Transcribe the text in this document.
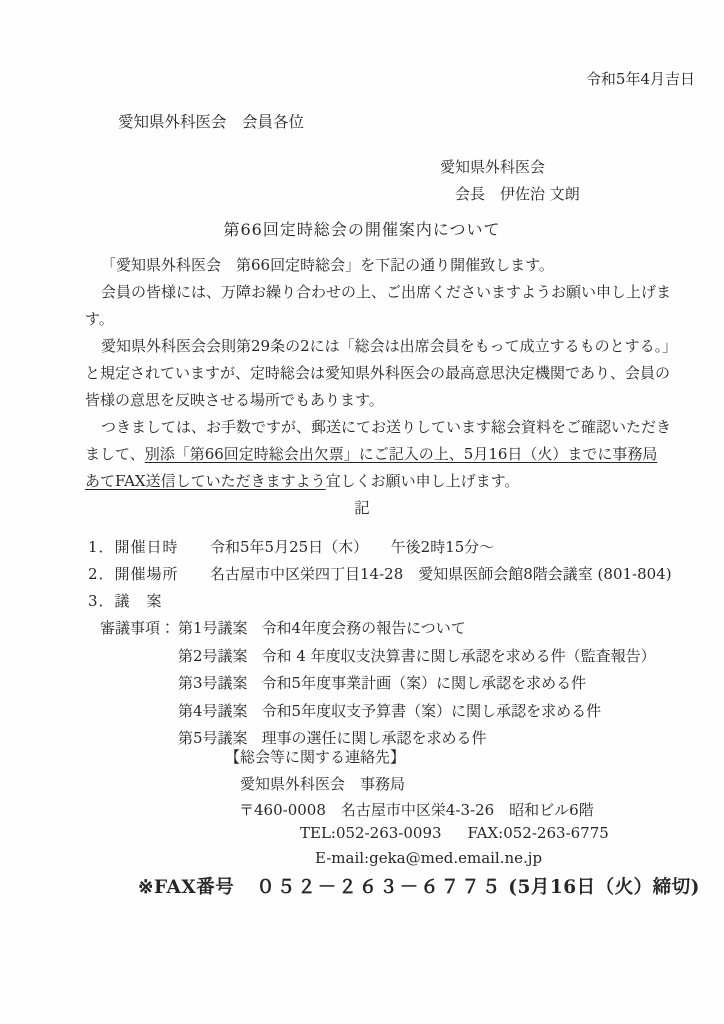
令和5年4月吉日
愛知県外科医会　会員各位
愛知県外科医会
会長　伊佐治 文朗
第66回定時総会の開催案内について
「愛知県外科医会　第66回定時総会」を下記の通り開催致します。
会員の皆様には、万障お繰り合わせの上、ご出席くださいますようお願い申し上げま
す。
愛知県外科医会会則第29条の2には「総会は出席会員をもって成立するものとする。」
と規定されていますが、定時総会は愛知県外科医会の最高意思決定機関であり、会員の
皆様の意思を反映させる場所でもあります。
つきましては、お手数ですが、郵送にてお送りしています総会資料をご確認いただき
まして、別添「第66回定時総会出欠票」にご記入の上、5月16日（火）までに事務局
あてFAX送信していただきますよう宜しくお願い申し上げます。
記
1．開催日時	令和5年5月25日（木）　　午後2時15分～
2．開催場所	名古屋市中区栄四丁目14-28　愛知県医師会館8階会議室 (801-804)
3．議　案
審議事項： 第1号議案 令和4年度会務の報告について
第2号議案 令和 4 年度収支決算書に関し承認を求める件（監査報告）
第3号議案 令和5年度事業計画（案）に関し承認を求める件
第4号議案 令和5年度収支予算書（案）に関し承認を求める件
第5号議案 理事の選任に関し承認を求める件
【総会等に関する連絡先】
愛知県外科医会　事務局
〒460-0008　名古屋市中区栄4-3-26　昭和ビル6階
TEL:052-263-0093 FAX:052-263-6775
E-mail:geka@med.email.ne.jp
※FAX番号 ０５２－２６３－６７７５ (5月16日（火）締切)
